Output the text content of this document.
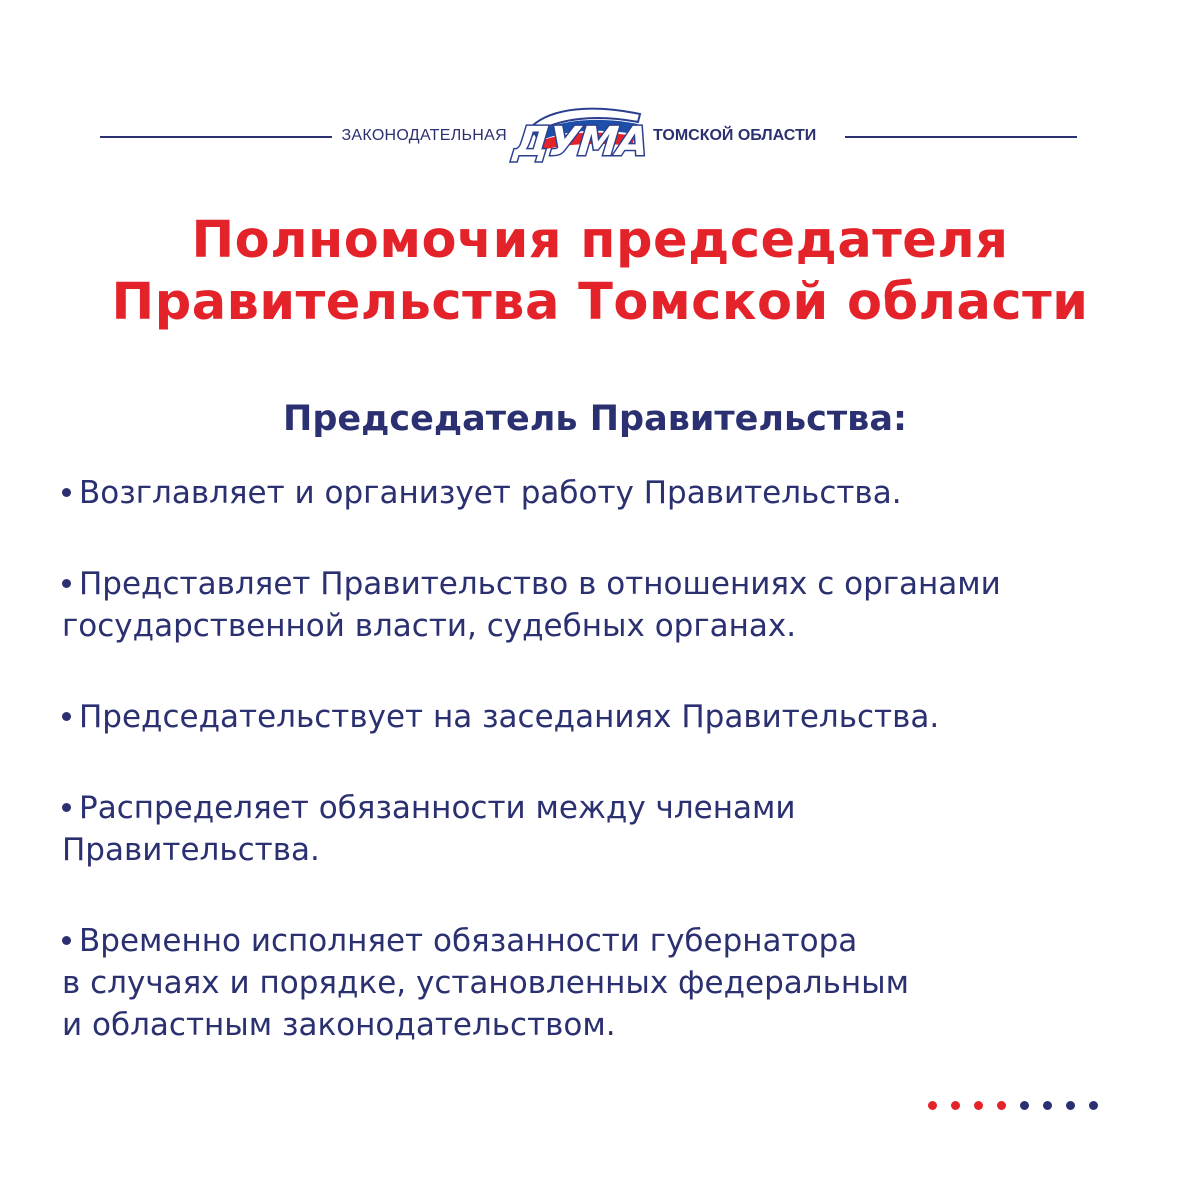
ЗАКОНОДАТЕЛЬНАЯ ДУМА ТОМСКОЙ ОБЛАСТИ
Полномочия председателя
Правительства Томской области
Председатель Правительства:
Возглавляет и организует работу Правительства.
Представляет Правительство в отношениях с органами
государственной власти, судебных органах.
Председательствует на заседаниях Правительства.
Распределяет обязанности между членами
Правительства.
Временно исполняет обязанности губернатора
в случаях и порядке, установленных федеральным
и областным законодательством.
